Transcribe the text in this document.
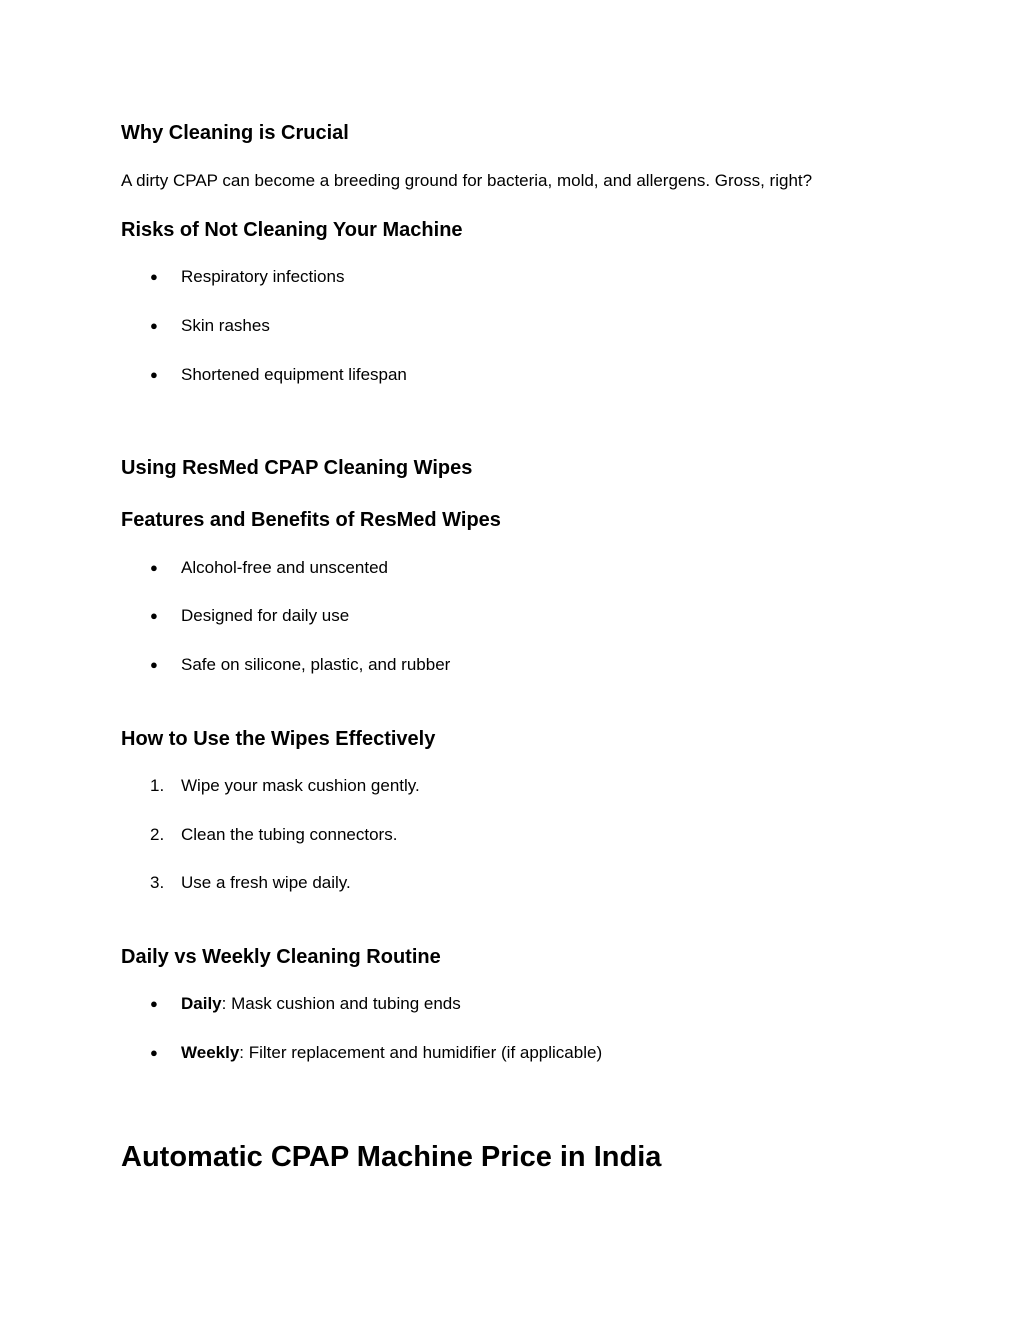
Why Cleaning is Crucial

A dirty CPAP can become a breeding ground for bacteria, mold, and allergens. Gross, right?

Risks of Not Cleaning Your Machine
●	Respiratory infections
●	Skin rashes
●	Shortened equipment lifespan
Using ResMed CPAP Cleaning Wipes
Features and Benefits of ResMed Wipes
●	Alcohol-free and unscented
●	Designed for daily use
●	Safe on silicone, plastic, and rubber
How to Use the Wipes Effectively
1. Wipe your mask cushion gently.
2. Clean the tubing connectors.
3. Use a fresh wipe daily.
Daily vs Weekly Cleaning Routine
●	Daily: Mask cushion and tubing ends
●	Weekly: Filter replacement and humidifier (if applicable)
Automatic CPAP Machine Price in India
